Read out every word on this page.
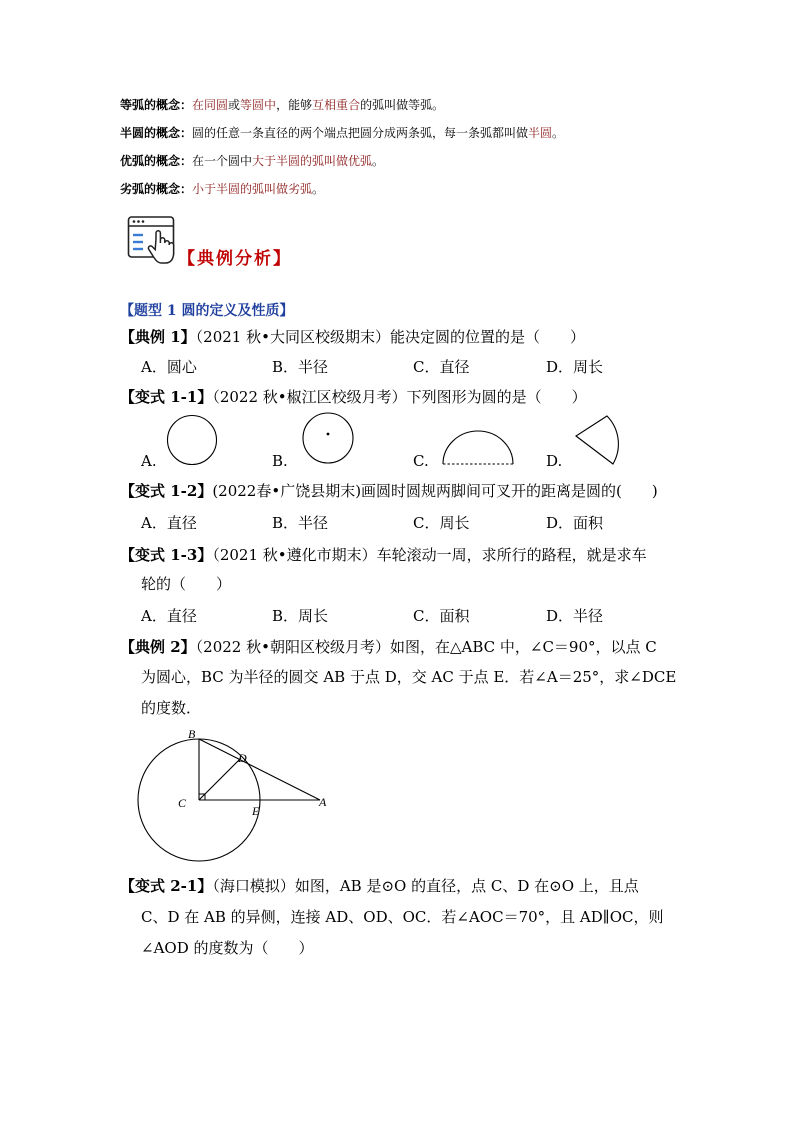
等弧的概念：在同圆或等圆中，能够互相重合的弧叫做等弧。
半圆的概念：圆的任意一条直径的两个端点把圆分成两条弧，每一条弧都叫做半圆。
优弧的概念：在一个圆中大于半圆的弧叫做优弧。
劣弧的概念：小于半圆的弧叫做劣弧。
【典例分析】
【题型 1 圆的定义及性质】
【典例 1】（2021 秋•大同区校级期末）能决定圆的位置的是（　　）
A．圆心	B．半径	C．直径	D．周长
【变式 1-1】（2022 秋•椒江区校级月考）下列图形为圆的是（　　）
A.	B.	C.	D.
【变式 1-2】(2022春•广饶县期末)画圆时圆规两脚间可叉开的距离是圆的(　　)
A．直径	B．半径	C．周长	D．面积
【变式 1-3】（2021 秋•遵化市期末）车轮滚动一周，求所行的路程，就是求车
轮的（　　）
A．直径	B．周长	C．面积	D．半径
【典例 2】（2022 秋•朝阳区校级月考）如图，在△ABC 中，∠C＝90°，以点 C
为圆心，BC 为半径的圆交 AB 于点 D，交 AC 于点 E．若∠A＝25°，求∠DCE
的度数．
B
D
C
E
A
【变式 2-1】（海口模拟）如图，AB 是⊙O 的直径，点 C、D 在⊙O 上，且点
C、D 在 AB 的异侧，连接 AD、OD、OC．若∠AOC＝70°，且 AD∥OC，则
∠AOD 的度数为（　　）
